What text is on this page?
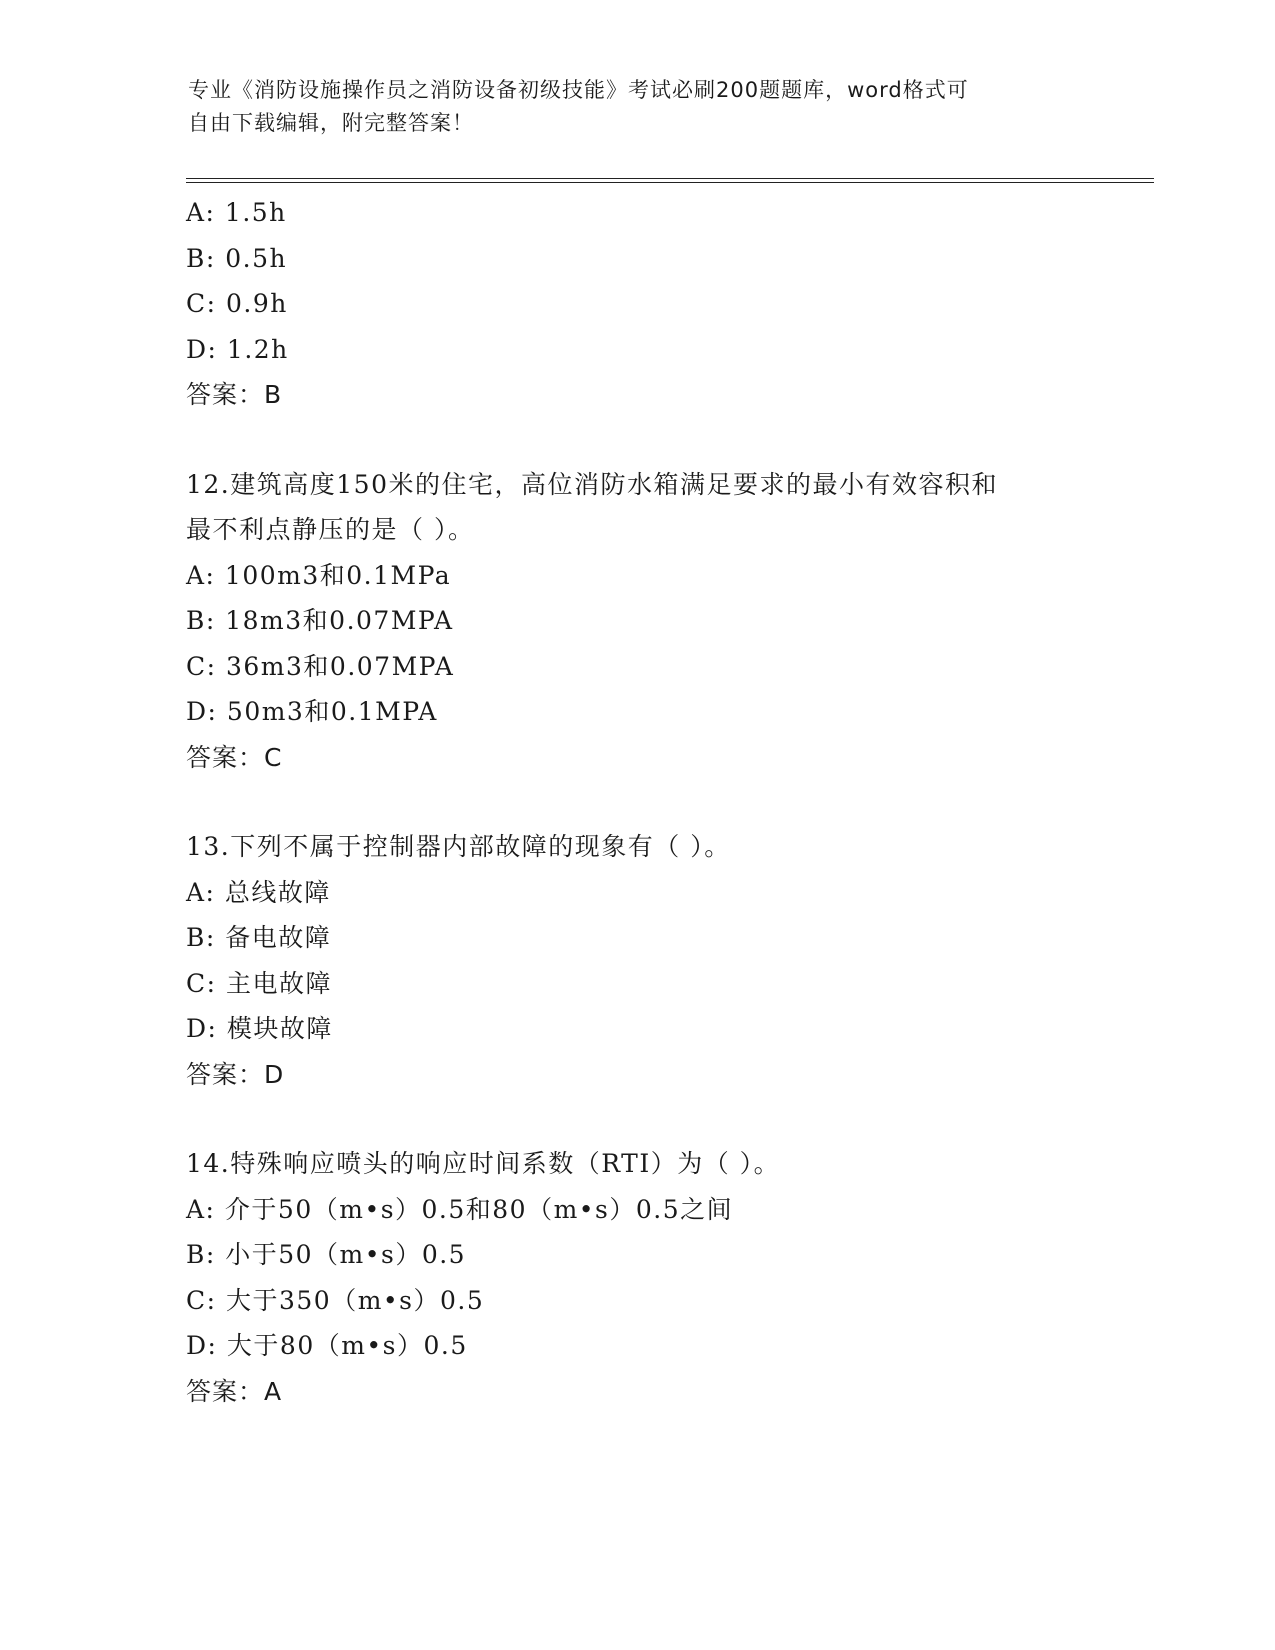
专业《消防设施操作员之消防设备初级技能》考试必刷200题题库，word格式可
自由下载编辑，附完整答案！
A: 1.5h
B: 0.5h
C: 0.9h
D: 1.2h
答案：B
12.建筑高度150米的住宅，高位消防水箱满足要求的最小有效容积和
最不利点静压的是（ ）。
A: 100m3和0.1MPa
B: 18m3和0.07MPA
C: 36m3和0.07MPA
D: 50m3和0.1MPA
答案：C
13.下列不属于控制器内部故障的现象有（ ）。
A: 总线故障
B: 备电故障
C: 主电故障
D: 模块故障
答案：D
14.特殊响应喷头的响应时间系数（RTI）为（ ）。
A: 介于50（m•s）0.5和80（m•s）0.5之间
B: 小于50（m•s）0.5
C: 大于350（m•s）0.5
D: 大于80（m•s）0.5
答案：A
